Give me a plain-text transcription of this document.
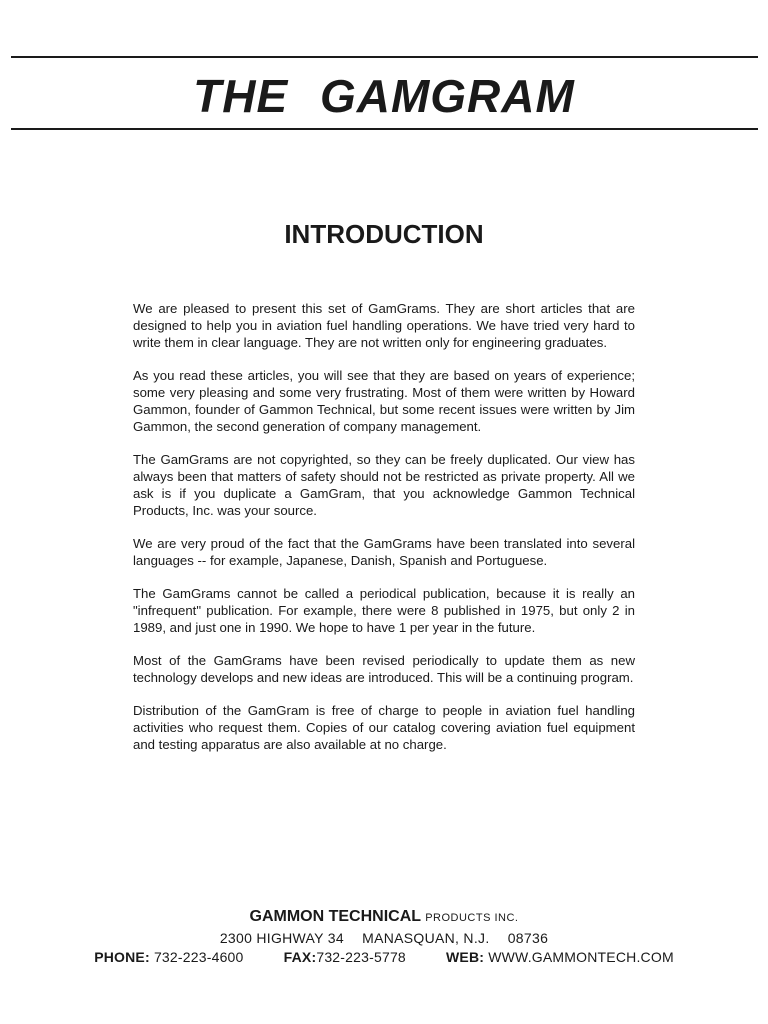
THE GAMGRAM
INTRODUCTION

We are pleased to present this set of GamGrams. They are short articles that are designed to help you in aviation fuel handling operations. We have tried very hard to write them in clear language. They are not written only for engineering graduates.

As you read these articles, you will see that they are based on years of experience; some very pleasing and some very frustrating. Most of them were written by Howard Gammon, founder of Gammon Technical, but some recent issues were written by Jim Gammon, the second generation of company management.

The GamGrams are not copyrighted, so they can be freely duplicated. Our view has always been that matters of safety should not be restricted as private property. All we ask is if you duplicate a GamGram, that you acknowledge Gammon Technical Products, Inc. was your source.

We are very proud of the fact that the GamGrams have been translated into several languages -- for example, Japanese, Danish, Spanish and Portuguese.

The GamGrams cannot be called a periodical publication, because it is really an "infrequent" publication. For example, there were 8 published in 1975, but only 2 in 1989, and just one in 1990. We hope to have 1 per year in the future.

Most of the GamGrams have been revised periodically to update them as new technology develops and new ideas are introduced. This will be a continuing program.

Distribution of the GamGram is free of charge to people in aviation fuel handling activities who request them. Copies of our catalog covering aviation fuel equipment and testing apparatus are also available at no charge.

GAMMON TECHNICAL PRODUCTS INC.
2300 HIGHWAY 34 MANASQUAN, N.J. 08736
PHONE: 732-223-4600	FAX:732-223-5778	WEB: WWW.GAMMONTECH.COM
